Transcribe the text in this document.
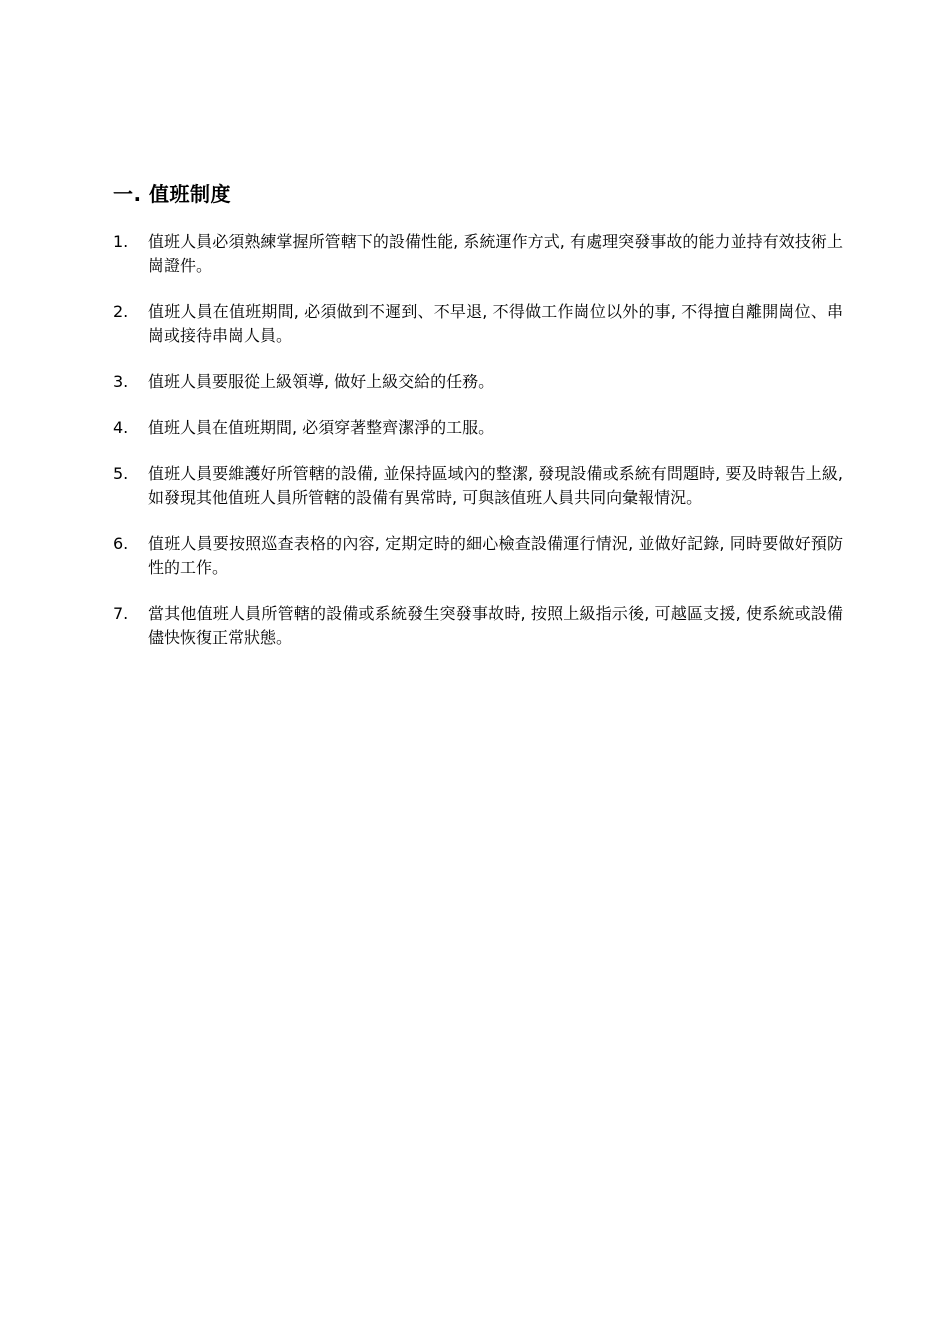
一. 值班制度
1.	值班人員必須熟練掌握所管轄下的設備性能, 系統運作方式, 有處理突發事故的能力並持有效技術上崗證件。
2.	值班人員在值班期間, 必須做到不遲到、不早退, 不得做工作崗位以外的事, 不得擅自離開崗位、串崗或接待串崗人員。
3.	值班人員要服從上級領導, 做好上級交給的任務。
4.	值班人員在值班期間, 必須穿著整齊潔淨的工服。
5.	值班人員要維護好所管轄的設備, 並保持區域內的整潔, 發現設備或系統有問題時, 要及時報告上級, 如發現其他值班人員所管轄的設備有異常時, 可與該值班人員共同向彙報情況。
6.	值班人員要按照巡查表格的內容, 定期定時的細心檢查設備運行情況, 並做好記錄, 同時要做好預防性的工作。
7.	當其他值班人員所管轄的設備或系統發生突發事故時, 按照上級指示後, 可越區支援, 使系統或設備儘快恢復正常狀態。
